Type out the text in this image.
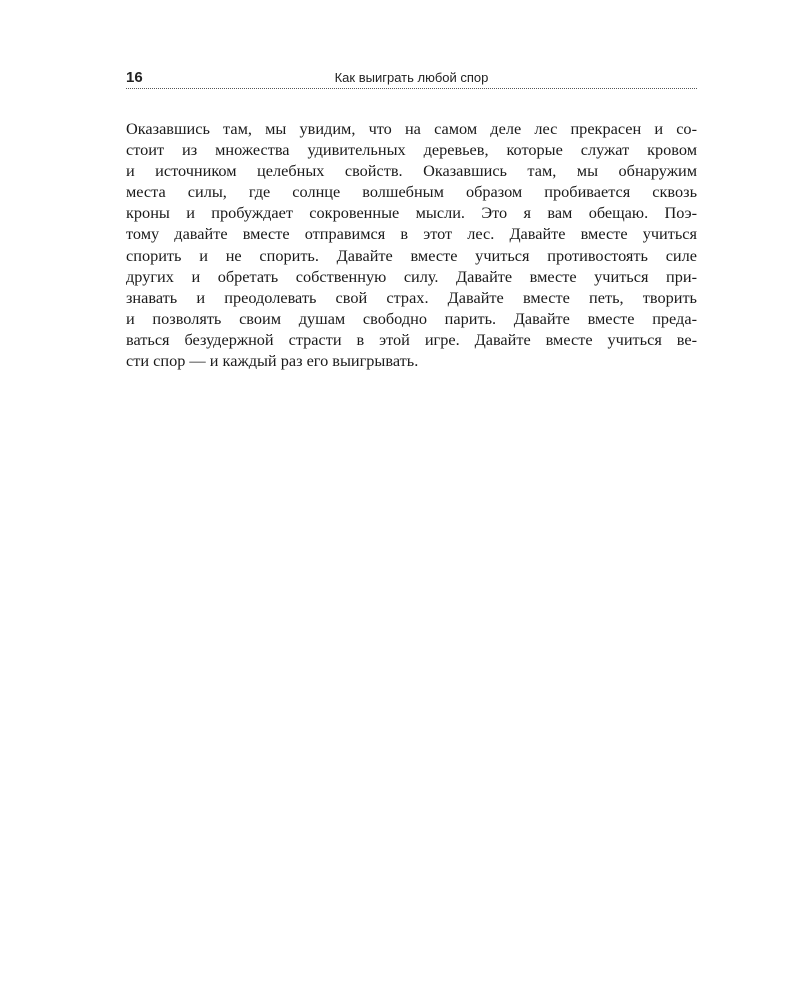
16	Как выиграть любой спор

Оказавшись там, мы увидим, что на самом деле лес прекрасен и со-
стоит из множества удивительных деревьев, которые служат кровом
и источником целебных свойств. Оказавшись там, мы обнаружим
места силы, где солнце волшебным образом пробивается сквозь
кроны и пробуждает сокровенные мысли. Это я вам обещаю. Поэ-
тому давайте вместе отправимся в этот лес. Давайте вместе учиться
спорить и не спорить. Давайте вместе учиться противостоять силе
других и обретать собственную силу. Давайте вместе учиться при-
знавать и преодолевать свой страх. Давайте вместе петь, творить
и позволять своим душам свободно парить. Давайте вместе преда-
ваться безудержной страсти в этой игре. Давайте вместе учиться ве-
сти спор — и каждый раз его выигрывать.
